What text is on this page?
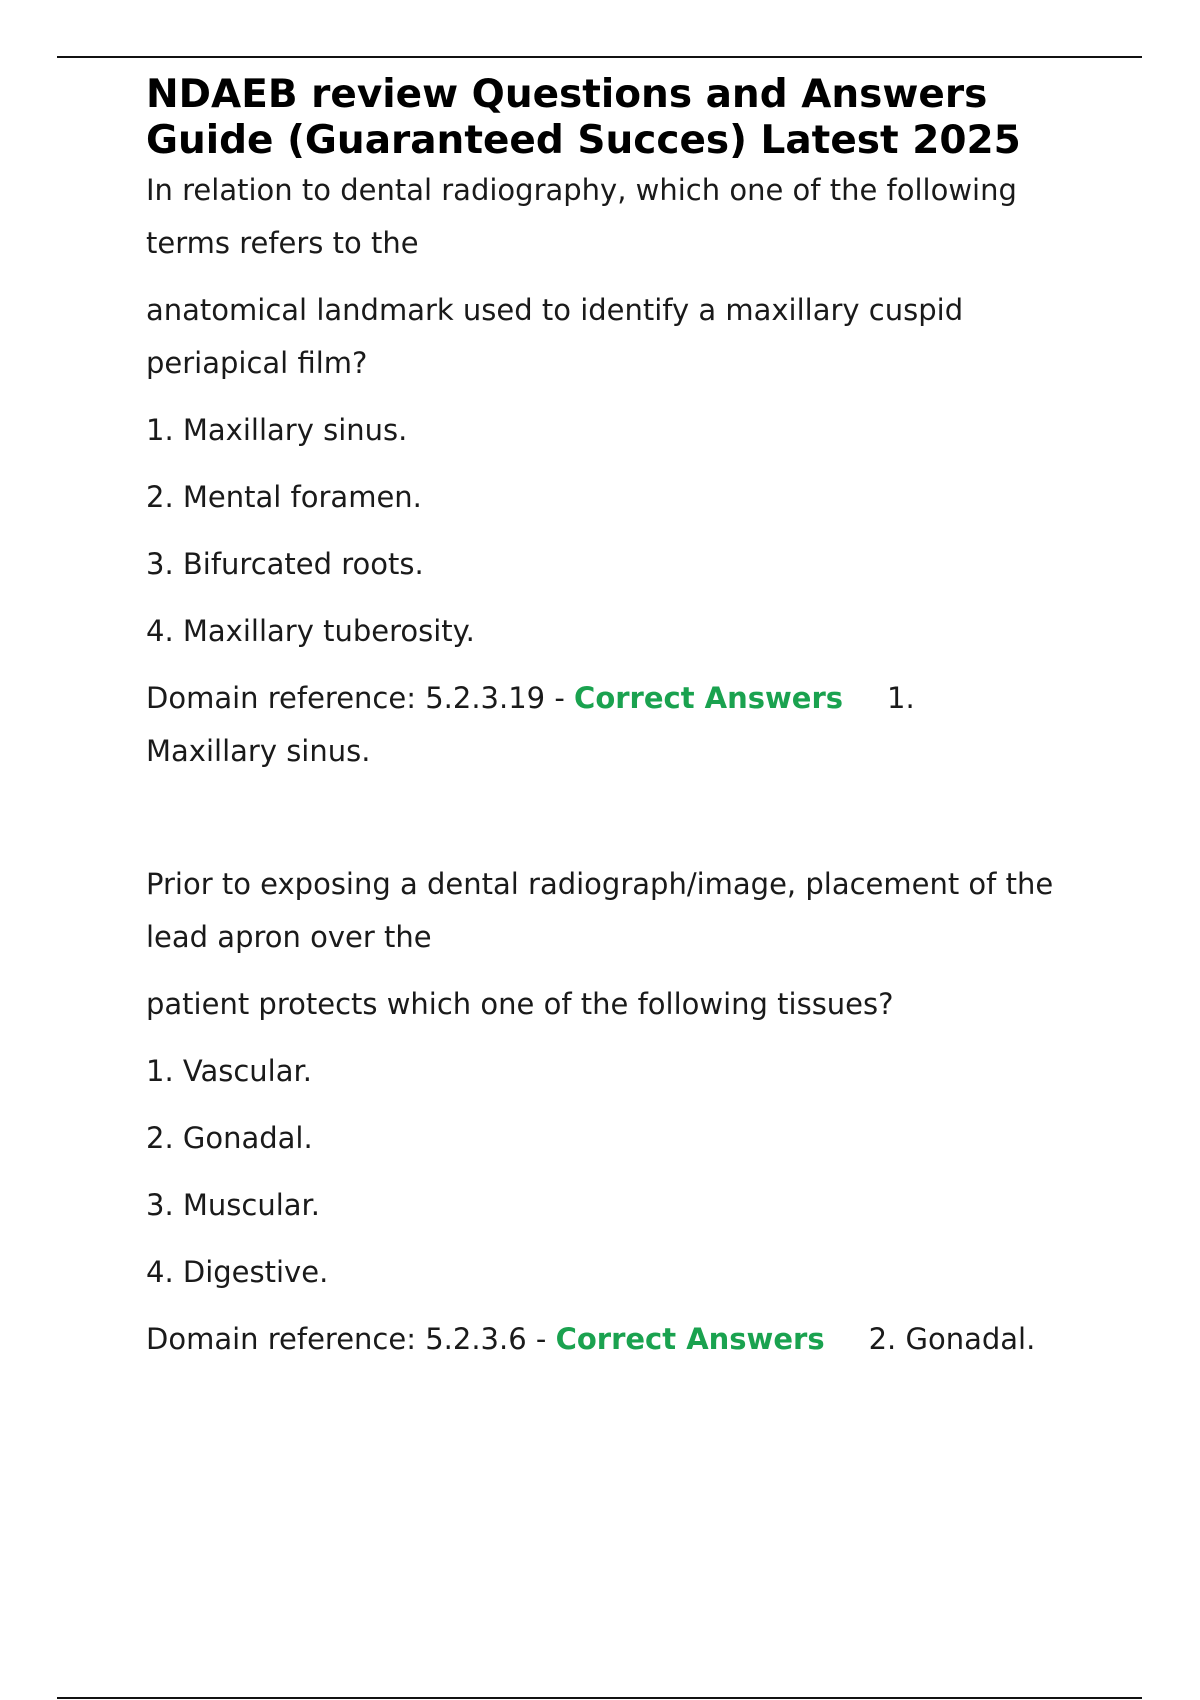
NDAEB review Questions and Answers
Guide (Guaranteed Succes) Latest 2025

In relation to dental radiography, which one of the following terms refers to the

anatomical landmark used to identify a maxillary cuspid periapical film?

1. Maxillary sinus.

2. Mental foramen.

3. Bifurcated roots.

4. Maxillary tuberosity.

Domain reference: 5.2.3.19 - Correct Answers 1. Maxillary sinus.

Prior to exposing a dental radiograph/image, placement of the lead apron over the

patient protects which one of the following tissues?

1. Vascular.

2. Gonadal.

3. Muscular.

4. Digestive.

Domain reference: 5.2.3.6 - Correct Answers 2. Gonadal.
